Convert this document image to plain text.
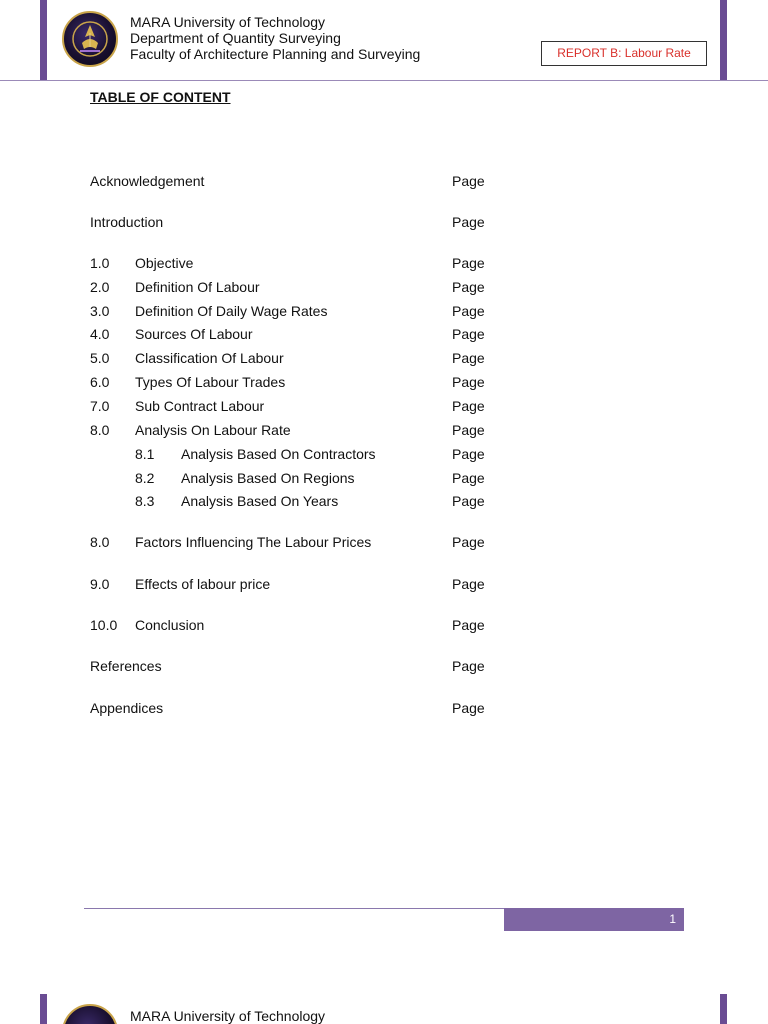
MARA University of Technology
Department of Quantity Surveying
Faculty of Architecture Planning and Surveying	REPORT B: Labour Rate
TABLE OF CONTENT
Acknowledgement	Page
Introduction	Page
1.0 Objective	Page
2.0 Definition Of Labour	Page
3.0 Definition Of Daily Wage Rates	Page
4.0 Sources Of Labour	Page
5.0 Classification Of Labour	Page
6.0 Types Of Labour Trades	Page
7.0 Sub Contract Labour	Page
8.0 Analysis On Labour Rate	Page
8.1 Analysis Based On Contractors	Page
8.2 Analysis Based On Regions	Page
8.3 Analysis Based On Years	Page
8.0 Factors Influencing The Labour Prices	Page
9.0 Effects of labour price	Page
10.0 Conclusion	Page
References	Page
Appendices	Page
1
MARA University of Technology
